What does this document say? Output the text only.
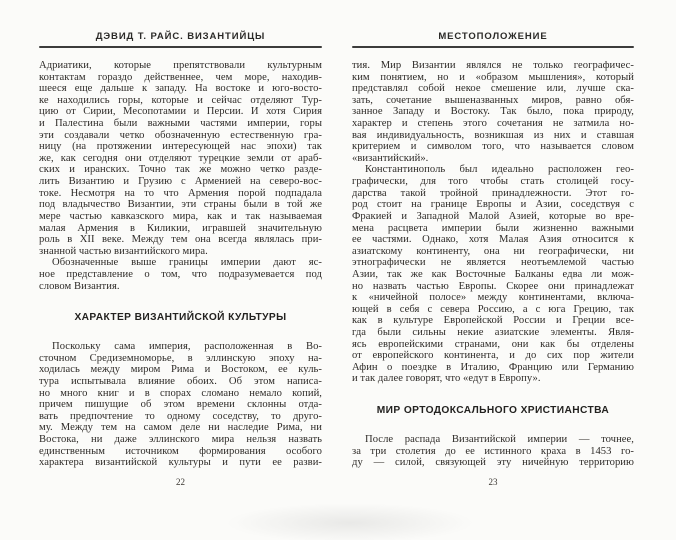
ДЭВИД Т. РАЙС. ВИЗАНТИЙЦЫ
Адриатики, которые препятствовали культурным
контактам гораздо действеннее, чем море, находив-
шееся еще дальше к западу. На востоке и юго-восто-
ке находились горы, которые и сейчас отделяют Тур-
цию от Сирии, Месопотамии и Персии. И хотя Сирия
и Палестина были важными частями империи, горы
эти создавали четко обозначенную естественную гра-
ницу (на протяжении интересующей нас эпохи) так
же, как сегодня они отделяют турецкие земли от араб-
ских и иранских. Точно так же можно четко разде-
лить Византию и Грузию с Арменией на северо-вос-
токе. Несмотря на то что Армения порой подпадала
под владычество Византии, эти страны были в той же
мере частью кавказского мира, как и так называемая
малая Армения в Киликии, игравшей значительную
роль в XII веке. Между тем она всегда являлась при-
знанной частью византийского мира.
Обозначенные выше границы империи дают яс-
ное представление о том, что подразумевается под
словом Византия.
ХАРАКТЕР ВИЗАНТИЙСКОЙ КУЛЬТУРЫ
Поскольку сама империя, расположенная в Во-
сточном Средиземноморье, в эллинскую эпоху на-
ходилась между миром Рима и Востоком, ее куль-
тура испытывала влияние обоих. Об этом написа-
но много книг и в спорах сломано немало копий,
причем пишущие об этом времени склонны отда-
вать предпочтение то одному соседству, то друго-
му. Между тем на самом деле ни наследие Рима, ни
Востока, ни даже эллинского мира нельзя назвать
единственным источником формирования особого
характера византийской культуры и пути ее разви-
22
МЕСТОПОЛОЖЕНИЕ
тия. Мир Византии являлся не только географичес-
ким понятием, но и «образом мышления», который
представлял собой некое смешение или, лучше ска-
зать, сочетание вышеназванных миров, равно обя-
занное Западу и Востоку. Так было, пока природу,
характер и степень этого сочетания не затмила но-
вая индивидуальность, возникшая из них и ставшая
критерием и символом того, что называется словом
«византийский».
Константинополь был идеально расположен гео-
графически, для того чтобы стать столицей госу-
дарства такой тройной принадлежности. Этот го-
род стоит на границе Европы и Азии, соседствуя с
Фракией и Западной Малой Азией, которые во вре-
мена расцвета империи были жизненно важными
ее частями. Однако, хотя Малая Азия относится к
азиатскому континенту, она ни географически, ни
этнографически не является неотъемлемой частью
Азии, так же как Восточные Балканы едва ли мож-
но назвать частью Европы. Скорее они принадлежат
к «ничейной полосе» между континентами, включа-
ющей в себя с севера Россию, а с юга Грецию, так
как в культуре Европейской России и Греции все-
гда были сильны некие азиатские элементы. Явля-
ясь европейскими странами, они как бы отделены
от европейского континента, и до сих пор жители
Афин о поездке в Италию, Францию или Германию
и так далее говорят, что «едут в Европу».
МИР ОРТОДОКСАЛЬНОГО ХРИСТИАНСТВА
После распада Византийской империи — точнее,
за три столетия до ее истинного краха в 1453 го-
ду — силой, связующей эту ничейную территорию
23
